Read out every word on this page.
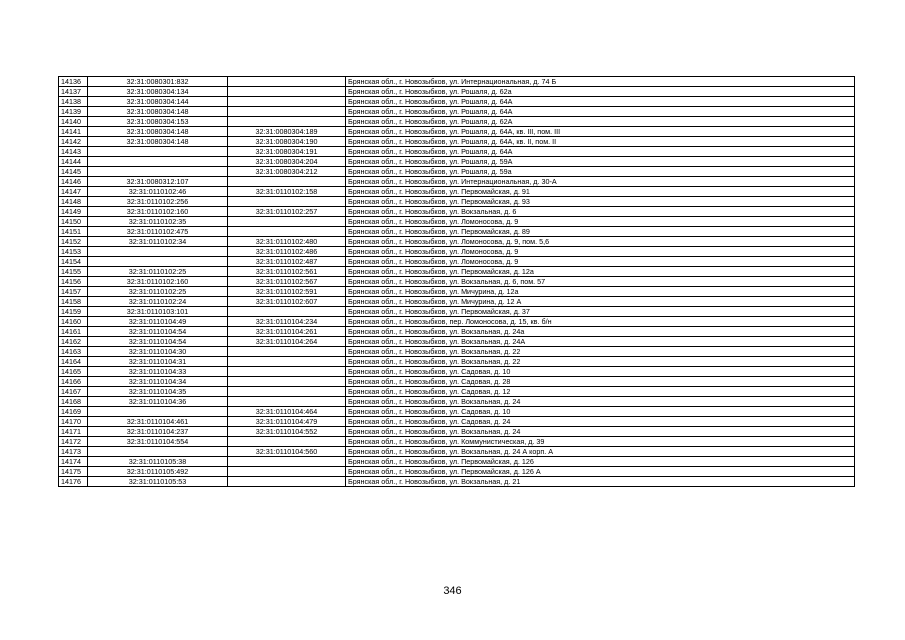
14136	32:31:0080301:832		Брянская обл., г. Новозыбков, ул. Интернациональная, д. 74 Б
14137	32:31:0080304:134		Брянская обл., г. Новозыбков, ул. Рошаля, д. 62а
14138	32:31:0080304:144		Брянская обл., г. Новозыбков, ул. Рошаля, д. 64А
14139	32:31:0080304:148		Брянская обл., г. Новозыбков, ул. Рошаля, д. 64А
14140	32:31:0080304:153		Брянская обл., г. Новозыбков, ул. Рошаля, д. 62А
14141	32:31:0080304:148	32:31:0080304:189	Брянская обл., г. Новозыбков, ул. Рошаля, д. 64А, кв. III, пом. III
14142	32:31:0080304:148	32:31:0080304:190	Брянская обл., г. Новозыбков, ул. Рошаля, д. 64А, кв. II, пом. II
14143		32:31:0080304:191	Брянская обл., г. Новозыбков, ул. Рошаля, д. 64А
14144		32:31:0080304:204	Брянская обл., г. Новозыбков, ул. Рошаля, д. 59А
14145		32:31:0080304:212	Брянская обл., г. Новозыбков, ул. Рошаля, д. 59а
14146	32:31:0080312:107		Брянская обл., г. Новозыбков, ул. Интернациональная, д. 30-А
14147	32:31:0110102:46	32:31:0110102:158	Брянская обл., г. Новозыбков, ул. Первомайская, д. 91
14148	32:31:0110102:256		Брянская обл., г. Новозыбков, ул. Первомайская, д. 93
14149	32:31:0110102:160	32:31:0110102:257	Брянская обл., г. Новозыбков, ул. Вокзальная, д. 6
14150	32:31:0110102:35		Брянская обл., г. Новозыбков, ул. Ломоносова, д. 9
14151	32:31:0110102:475		Брянская обл., г. Новозыбков, ул. Первомайская, д. 89
14152	32:31:0110102:34	32:31:0110102:480	Брянская обл., г. Новозыбков, ул. Ломоносова, д. 9, пом. 5,6
14153		32:31:0110102:486	Брянская обл., г. Новозыбков, ул. Ломоносова, д. 9
14154		32:31:0110102:487	Брянская обл., г. Новозыбков, ул. Ломоносова, д. 9
14155	32:31:0110102:25	32:31:0110102:561	Брянская обл., г. Новозыбков, ул. Первомайская, д. 12а
14156	32:31:0110102:160	32:31:0110102:567	Брянская обл., г. Новозыбков, ул. Вокзальная, д. 6, пом. 57
14157	32:31:0110102:25	32:31:0110102:591	Брянская обл., г. Новозыбков, ул. Мичурина, д. 12а
14158	32:31:0110102:24	32:31:0110102:607	Брянская обл., г. Новозыбков, ул. Мичурина, д. 12 А
14159	32:31:0110103:101		Брянская обл., г. Новозыбков, ул. Первомайская, д. 37
14160	32:31:0110104:49	32:31:0110104:234	Брянская обл., г. Новозыбков, пер. Ломоносова, д. 15, кв. б/н
14161	32:31:0110104:54	32:31:0110104:261	Брянская обл., г. Новозыбков, ул. Вокзальная, д. 24а
14162	32:31:0110104:54	32:31:0110104:264	Брянская обл., г. Новозыбков, ул. Вокзальная, д. 24А
14163	32:31:0110104:30		Брянская обл., г. Новозыбков, ул. Вокзальная, д. 22
14164	32:31:0110104:31		Брянская обл., г. Новозыбков, ул. Вокзальная, д. 22
14165	32:31:0110104:33		Брянская обл., г. Новозыбков, ул. Садовая, д. 10
14166	32:31:0110104:34		Брянская обл., г. Новозыбков, ул. Садовая, д. 28
14167	32:31:0110104:35		Брянская обл., г. Новозыбков, ул. Садовая, д. 12
14168	32:31:0110104:36		Брянская обл., г. Новозыбков, ул. Вокзальная, д. 24
14169		32:31:0110104:464	Брянская обл., г. Новозыбков, ул. Садовая, д. 10
14170	32:31:0110104:461	32:31:0110104:479	Брянская обл., г. Новозыбков, ул. Садовая, д. 24
14171	32:31:0110104:237	32:31:0110104:552	Брянская обл., г. Новозыбков, ул. Вокзальная, д. 24
14172	32:31:0110104:554		Брянская обл., г. Новозыбков, ул. Коммунистическая, д. 39
14173		32:31:0110104:560	Брянская обл., г. Новозыбков, ул. Вокзальная, д. 24 А корп. А
14174	32:31:0110105:38		Брянская обл., г. Новозыбков, ул. Первомайская, д. 126
14175	32:31:0110105:492		Брянская обл., г. Новозыбков, ул. Первомайская, д. 126 А
14176	32:31:0110105:53		Брянская обл., г. Новозыбков, ул. Вокзальная, д. 21
346
